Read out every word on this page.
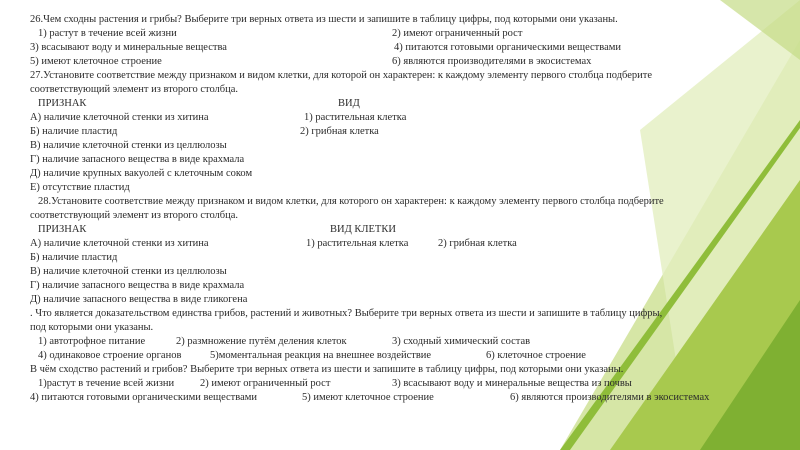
26.Чем сходны растения и грибы? Выберите три верных ответа из шести и запишите в таблицу цифры, под которыми они указаны.

1) растут в течение всей жизни	2) имеют ограниченный рост

3) всасывают воду и минеральные вещества	4) питаются готовыми органическими веществами

5) имеют клеточное строение	6) являются производителями в экосистемах

27.Установите соответствие между признаком и видом клетки, для которой он характерен: к каждому элементу первого столбца подберите

соответствующий элемент из второго столбца.

ПРИЗНАК	ВИД

А) наличие клеточной стенки из хитина	1) растительная клетка

Б) наличие пластид	2) грибная клетка

В) наличие клеточной стенки из целлюлозы

Г) наличие запасного вещества в виде крахмала

Д) наличие крупных вакуолей с клеточным соком

Е) отсутствие пластид

28.Установите соответствие между признаком и видом клетки, для которого он характерен: к каждому элементу первого столбца подберите

соответствующий элемент из второго столбца.

ПРИЗНАК	ВИД КЛЕТКИ

А) наличие клеточной стенки из хитина	1) растительная клетка	2) грибная клетка

Б) наличие пластид

В) наличие клеточной стенки из целлюлозы

Г) наличие запасного вещества в виде крахмала

Д) наличие запасного вещества в виде гликогена

. Что является доказательством единства грибов, растений и животных? Выберите три верных ответа из шести и запишите в таблицу цифры,

под которыми они указаны.

1) автотрофное питание	2) размножение путём деления клеток	3) сходный химический состав

4) одинаковое строение органов	5)моментальная реакция на внешнее воздействие	6) клеточное строение

В чём сходство растений и грибов? Выберите три верных ответа из шести и запишите в таблицу цифры, под которыми они указаны.

1)растут в течение всей жизни 2) имеют ограниченный рост	3) всасывают воду и минеральные вещества из почвы

4) питаются готовыми органическими веществами	5) имеют клеточное строение	6) являются производителями в экосистемах
